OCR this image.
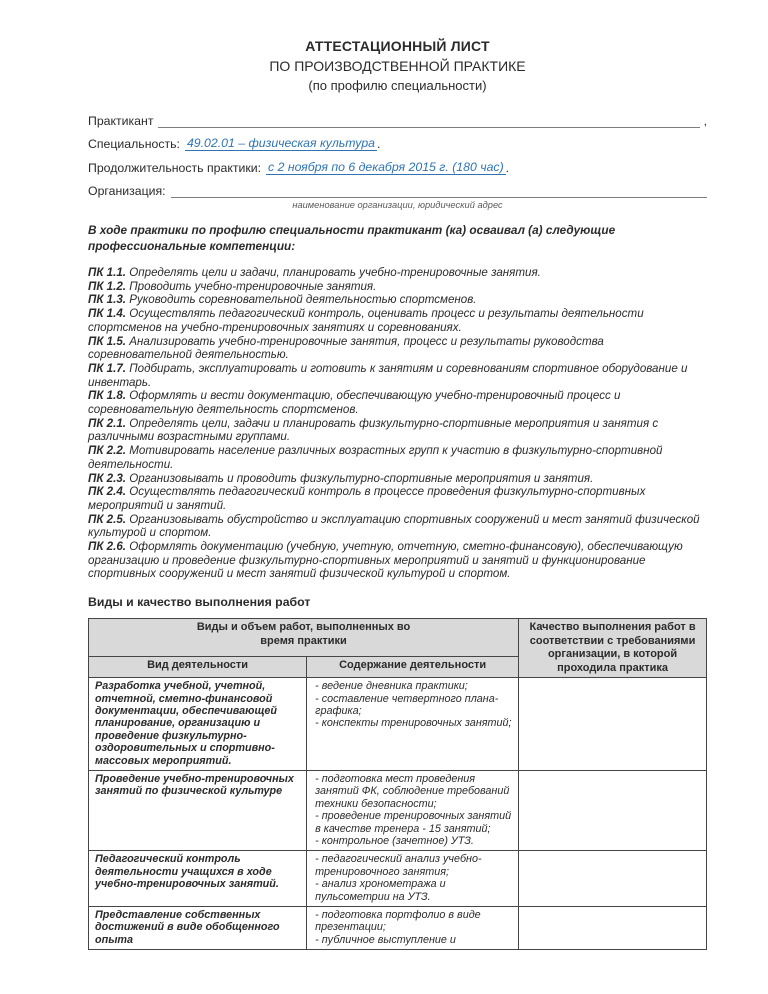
АТТЕСТАЦИОННЫЙ ЛИСТ
ПО ПРОИЗВОДСТВЕННОЙ ПРАКТИКЕ
(по профилю специальности)
Практикант	,
Специальность: 49.02.01 – физическая культура .
Продолжительность практики: с 2 ноября по 6 декабря 2015 г. (180 час) .
Организация:
наименование организации, юридический адрес

В ходе практики по профилю специальности практикант (ка) осваивал (а) следующие профессиональные компетенции:

ПК 1.1. Определять цели и задачи, планировать учебно-тренировочные занятия.

ПК 1.2. Проводить учебно-тренировочные занятия.

ПК 1.3. Руководить соревновательной деятельностью спортсменов.

ПК 1.4. Осуществлять педагогический контроль, оценивать процесс и результаты деятельности спортсменов на учебно-тренировочных занятиях и соревнованиях.

ПК 1.5. Анализировать учебно-тренировочные занятия, процесс и результаты руководства соревновательной деятельностью.

ПК 1.7. Подбирать, эксплуатировать и готовить к занятиям и соревнованиям спортивное оборудование и инвентарь.

ПК 1.8. Оформлять и вести документацию, обеспечивающую учебно-тренировочный процесс и соревновательную деятельность спортсменов.

ПК 2.1. Определять цели, задачи и планировать физкультурно-спортивные мероприятия и занятия с различными возрастными группами.

ПК 2.2. Мотивировать население различных возрастных групп к участию в физкультурно-спортивной деятельности.

ПК 2.3. Организовывать и проводить физкультурно-спортивные мероприятия и занятия.

ПК 2.4. Осуществлять педагогический контроль в процессе проведения физкультурно-спортивных мероприятий и занятий.

ПК 2.5. Организовывать обустройство и эксплуатацию спортивных сооружений и мест занятий физической культурой и спортом.

ПК 2.6. Оформлять документацию (учебную, учетную, отчетную, сметно-финансовую), обеспечивающую организацию и проведение физкультурно-спортивных мероприятий и занятий и функционирование спортивных сооружений и мест занятий физической культурой и спортом.

Виды и качество выполнения работ
Виды и объем работ, выполненных во время практики		Качество выполнения работ в соответствии с требованиями организации, в которой проходила практика

Вид деятельности	Содержание деятельности	
Разработка учебной, учетной, отчетной, сметно-финансовой документации, обеспечивающей планирование, организацию и проведение физкультурно-оздоровительных и спортивно-массовых мероприятий.	- ведение дневника практики;
- составление четвертного плана-графика;
- конспекты тренировочных занятий;	

Проведение учебно-тренировочных занятий по физической культуре	- подготовка мест проведения занятий ФК, соблюдение требований техники безопасности;
- проведение тренировочных занятий в качестве тренера - 15 занятий;
- контрольное (зачетное) УТЗ.	

Педагогический контроль деятельности учащихся в ходе учебно-тренировочных занятий.	- педагогический анализ учебно-тренировочного занятия;
- анализ хронометража и пульсометрии на УТЗ.	

Представление собственных достижений в виде обобщенного опыта	- подготовка портфолио в виде презентации;
- публичное выступление и	
